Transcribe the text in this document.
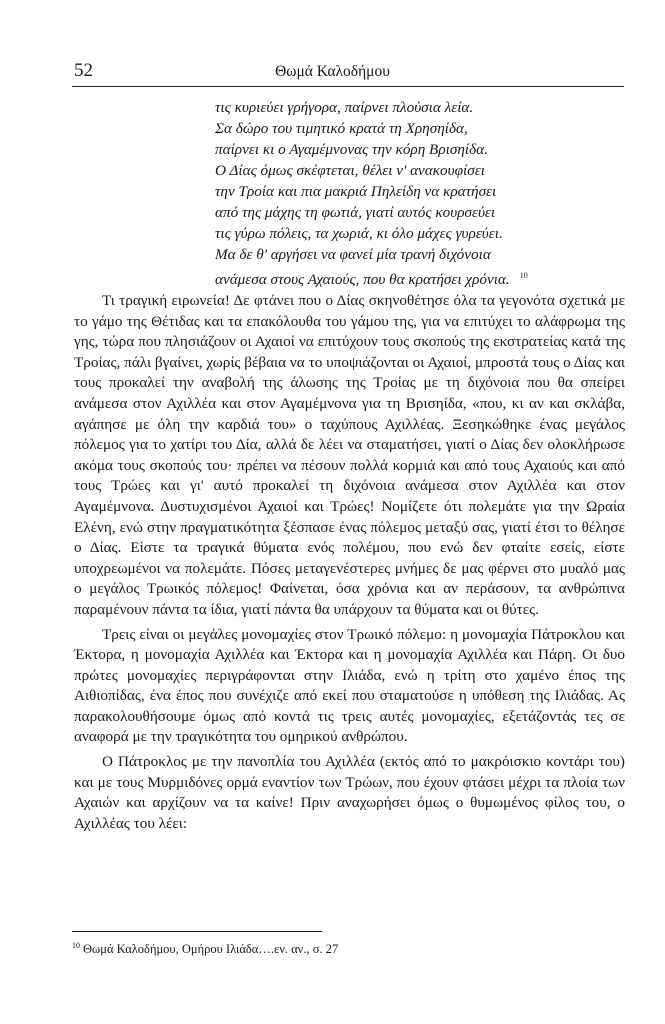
52	Θωμά Καλοδήμου
τις κυριεύει γρήγορα, παίρνει πλούσια λεία.
Σα δώρο του τιμητικό κρατά τη Χρησηίδα,
παίρνει κι ο Αγαμέμνονας την κόρη Βρισηίδα.
Ο Δίας όμως σκέφτεται, θέλει ν' ανακουφίσει
την Τροία και πια μακριά Πηλείδη να κρατήσει
από της μάχης τη φωτιά, γιατί αυτός κουρσεύει
τις γύρω πόλεις, τα χωριά, κι όλο μάχες γυρεύει.
Μα δε θ' αργήσει να φανεί μία τρανή διχόνοια
ανάμεσα στους Αχαιούς, που θα κρατήσει χρόνια. $^{10}$

Τι τραγική ειρωνεία! Δε φτάνει που ο Δίας σκηνοθέτησε όλα τα γεγονότα σχετικά με το γάμο της Θέτιδας και τα επακόλουθα του γάμου της, για να επιτύχει το αλάφρωμα της γης, τώρα που πλησιάζουν οι Αχαιοί να επιτύχουν τους σκοπούς της εκστρατείας κατά της Τροίας, πάλι βγαίνει, χωρίς βέβαια να το υποψιάζονται οι Αχαιοί, μπροστά τους ο Δίας και τους προκαλεί την αναβολή της άλωσης της Τροίας με τη διχόνοια που θα σπείρει ανάμεσα στον Αχιλλέα και στον Αγαμέμνονα για τη Βρισηίδα, «που, κι αν και σκλάβα, αγάπησε με όλη την καρδιά του» ο ταχύπους Αχιλλέας. Ξεσηκώθηκε ένας μεγάλος πόλεμος για το χατίρι του Δία, αλλά δε λέει να σταματήσει, γιατί ο Δίας δεν ολοκλήρωσε ακόμα τους σκοπούς του· πρέπει να πέσουν πολλά κορμιά και από τους Αχαιούς και από τους Τρώες και γι' αυτό προκαλεί τη διχόνοια ανάμεσα στον Αχιλλέα και στον Αγαμέμνονα. Δυστυχισμένοι Αχαιοί και Τρώες! Νομίζετε ότι πολεμάτε για την Ωραία Ελένη, ενώ στην πραγματικότητα ξέσπασε ένας πόλεμος μεταξύ σας, γιατί έτσι το θέλησε ο Δίας. Είστε τα τραγικά θύματα ενός πολέμου, που ενώ δεν φταίτε εσείς, είστε υποχρεωμένοι να πολεμάτε. Πόσες μεταγενέστερες μνήμες δε μας φέρνει στο μυαλό μας ο μεγάλος Τρωικός πόλεμος! Φαίνεται, όσα χρόνια και αν περάσουν, τα ανθρώπινα παραμένουν πάντα τα ίδια, γιατί πάντα θα υπάρχουν τα θύματα και οι θύτες.

Τρεις είναι οι μεγάλες μονομαχίες στον Τρωικό πόλεμο: η μονομαχία Πάτροκλου και Έκτορα, η μονομαχία Αχιλλέα και Έκτορα και η μονομαχία Αχιλλέα και Πάρη. Οι δυο πρώτες μονομαχίες περιγράφονται στην Ιλιάδα, ενώ η τρίτη στο χαμένο έπος της Αιθιοπίδας, ένα έπος που συνέχιζε από εκεί που σταματούσε η υπόθεση της Ιλιάδας. Ας παρακολουθήσουμε όμως από κοντά τις τρεις αυτές μονομαχίες, εξετάζοντάς τες σε αναφορά με την τραγικότητα του ομηρικού ανθρώπου.

Ο Πάτροκλος με την πανοπλία του Αχιλλέα (εκτός από το μακρόισκιο κοντάρι του) και με τους Μυρμιδόνες ορμά εναντίον των Τρώων, που έχουν φτάσει μέχρι τα πλοία των Αχαιών και αρχίζουν να τα καίνε! Πριν αναχωρήσει όμως ο θυμωμένος φίλος του, ο Αχιλλέας του λέει:

$^{10}$ Θωμά Καλοδήμου, Ομήρου Ιλιάδα….εν. αν., σ. 27
